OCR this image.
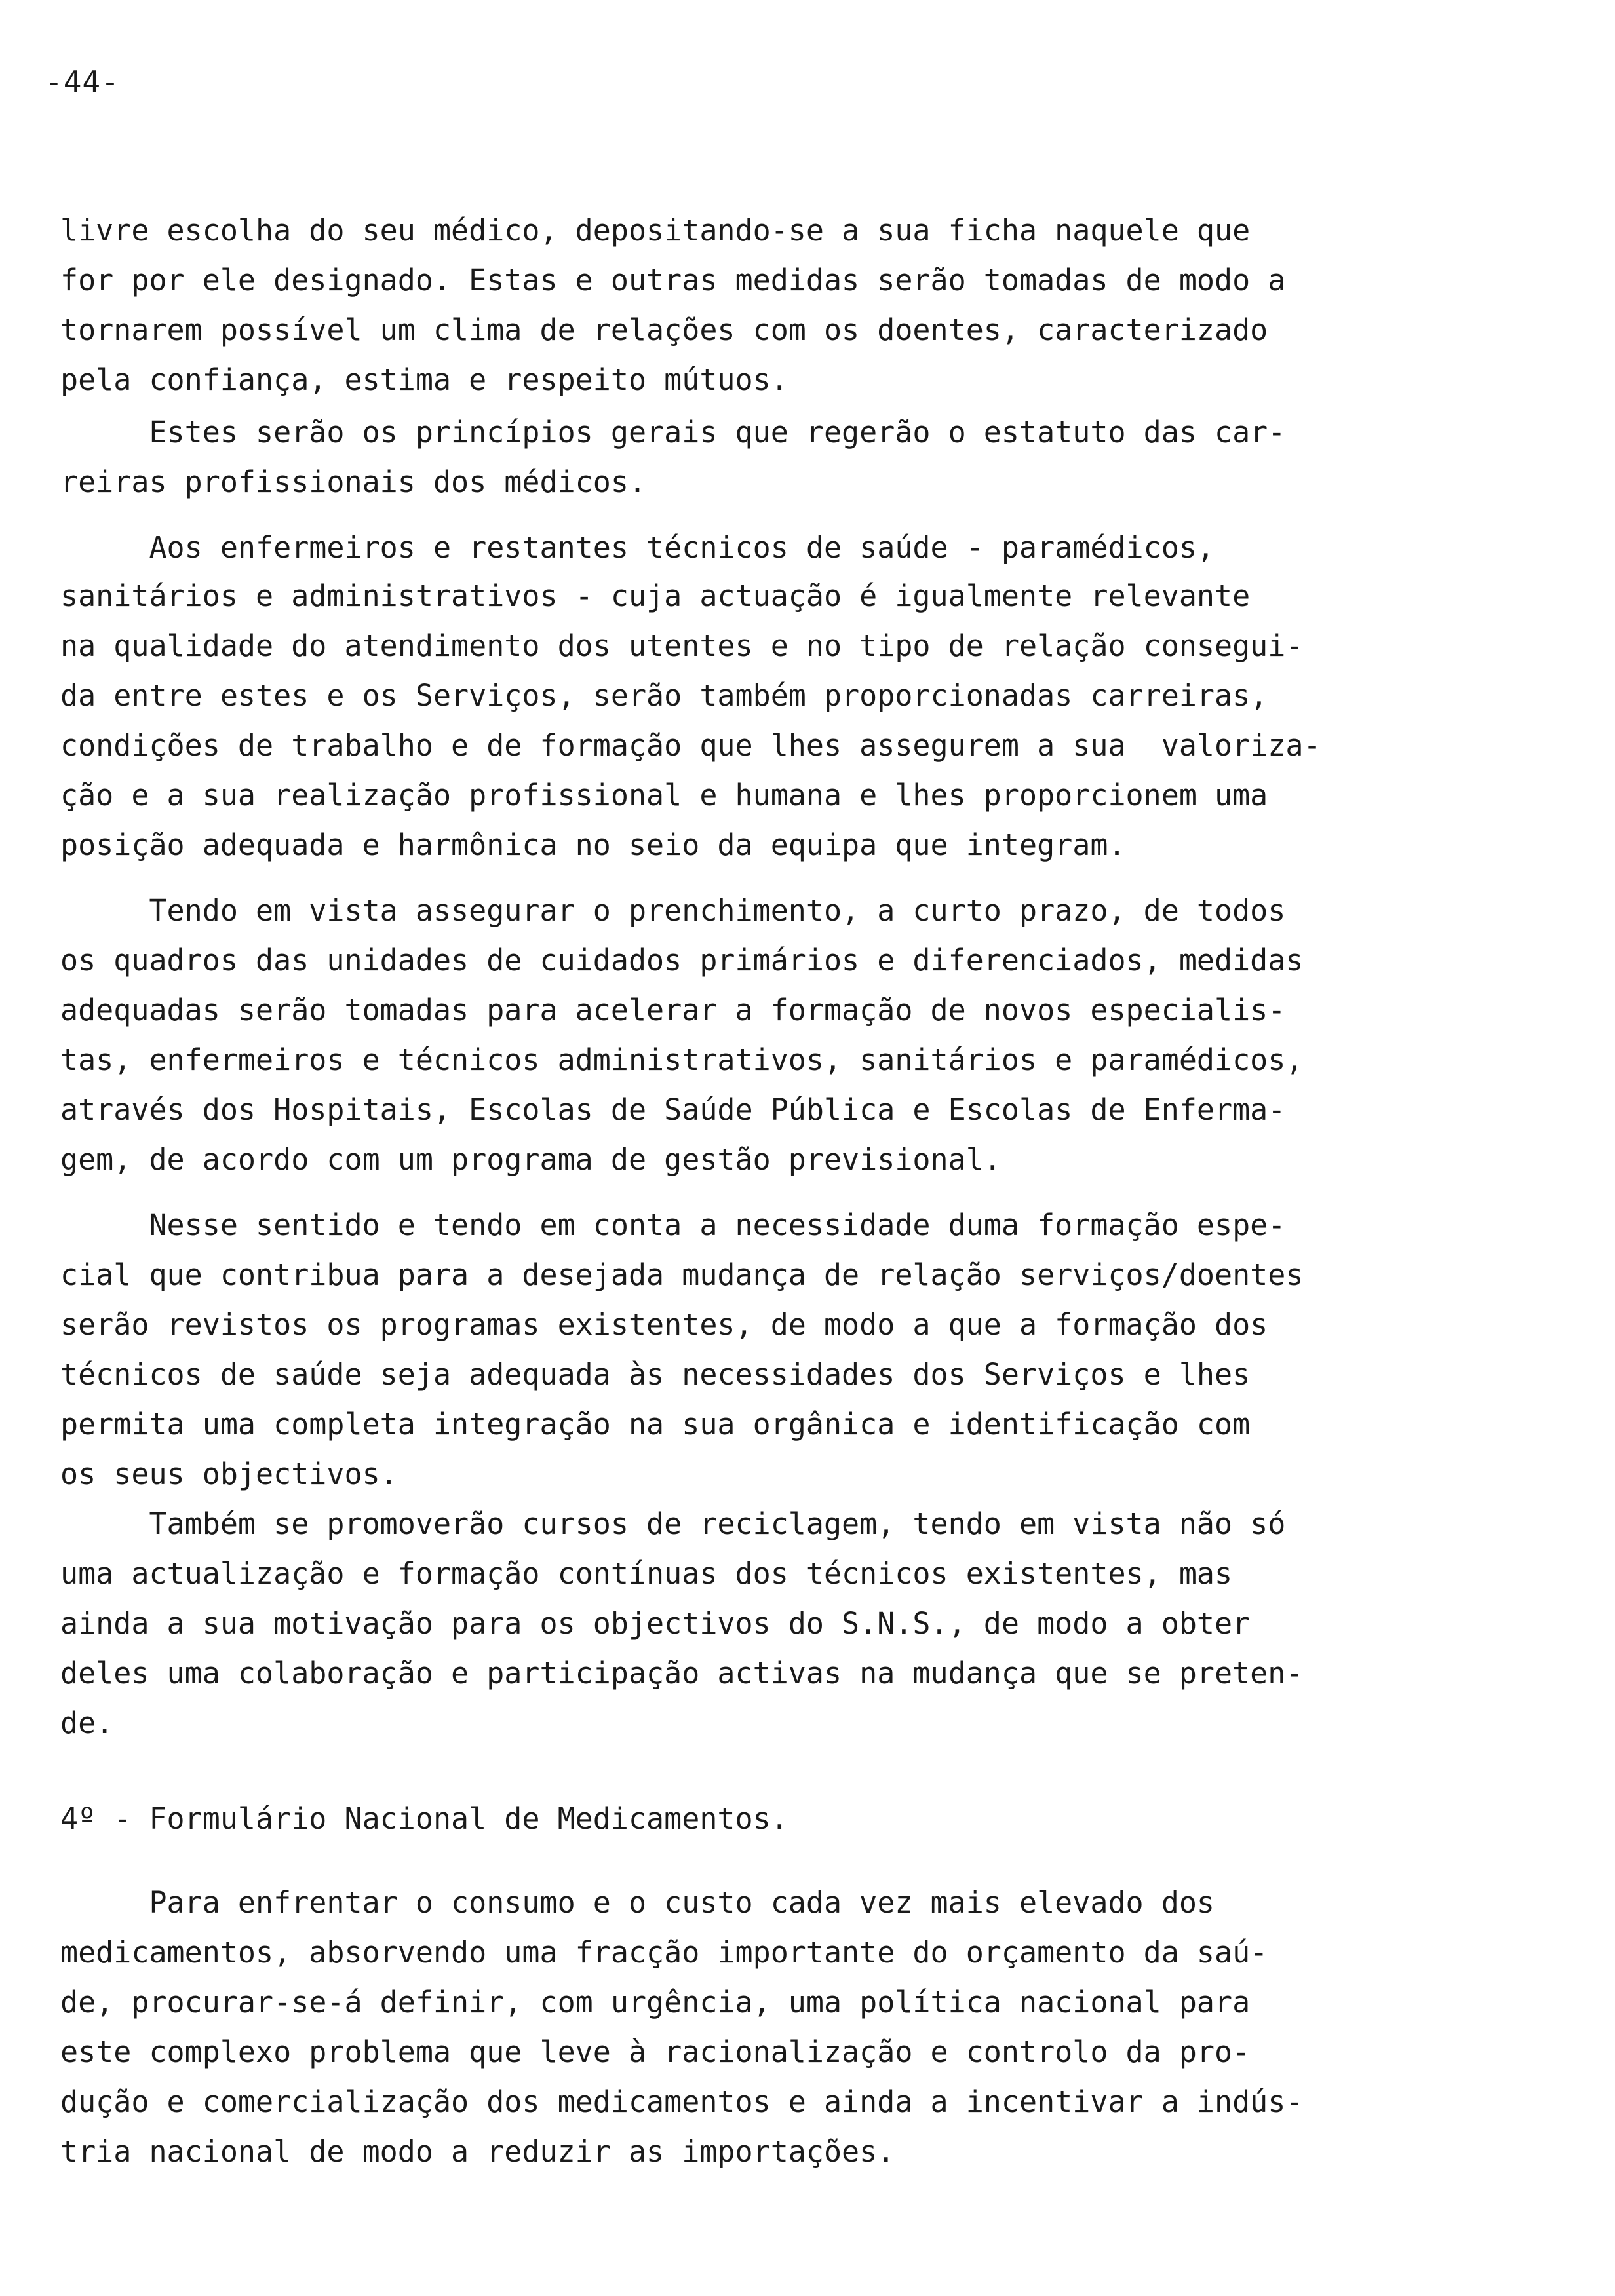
-44-
livre escolha do seu médico, depositando-se a sua ficha naquele que
for por ele designado. Estas e outras medidas serão tomadas de modo a
tornarem possível um clima de relações com os doentes, caracterizado
pela confiança, estima e respeito mútuos.
Estes serão os princípios gerais que regerão o estatuto das car-
reiras profissionais dos médicos.
Aos enfermeiros e restantes técnicos de saúde - paramédicos,
sanitários e administrativos - cuja actuação é igualmente relevante
na qualidade do atendimento dos utentes e no tipo de relação consegui-
da entre estes e os Serviços, serão também proporcionadas carreiras,
condições de trabalho e de formação que lhes assegurem a sua  valoriza-
ção e a sua realização profissional e humana e lhes proporcionem uma
posição adequada e harmônica no seio da equipa que integram.
Tendo em vista assegurar o prenchimento, a curto prazo, de todos
os quadros das unidades de cuidados primários e diferenciados, medidas
adequadas serão tomadas para acelerar a formação de novos especialis-
tas, enfermeiros e técnicos administrativos, sanitários e paramédicos,
através dos Hospitais, Escolas de Saúde Pública e Escolas de Enferma-
gem, de acordo com um programa de gestão previsional.
Nesse sentido e tendo em conta a necessidade duma formação espe-
cial que contribua para a desejada mudança de relação serviços/doentes
serão revistos os programas existentes, de modo a que a formação dos
técnicos de saúde seja adequada às necessidades dos Serviços e lhes
permita uma completa integração na sua orgânica e identificação com
os seus objectivos.
Também se promoverão cursos de reciclagem, tendo em vista não só
uma actualização e formação contínuas dos técnicos existentes, mas
ainda a sua motivação para os objectivos do S.N.S., de modo a obter
deles uma colaboração e participação activas na mudança que se preten-
de.
4º - Formulário Nacional de Medicamentos.
Para enfrentar o consumo e o custo cada vez mais elevado dos
medicamentos, absorvendo uma fracção importante do orçamento da saú-
de, procurar-se-á definir, com urgência, uma política nacional para
este complexo problema que leve à racionalização e controlo da pro-
dução e comercialização dos medicamentos e ainda a incentivar a indús-
tria nacional de modo a reduzir as importações.
